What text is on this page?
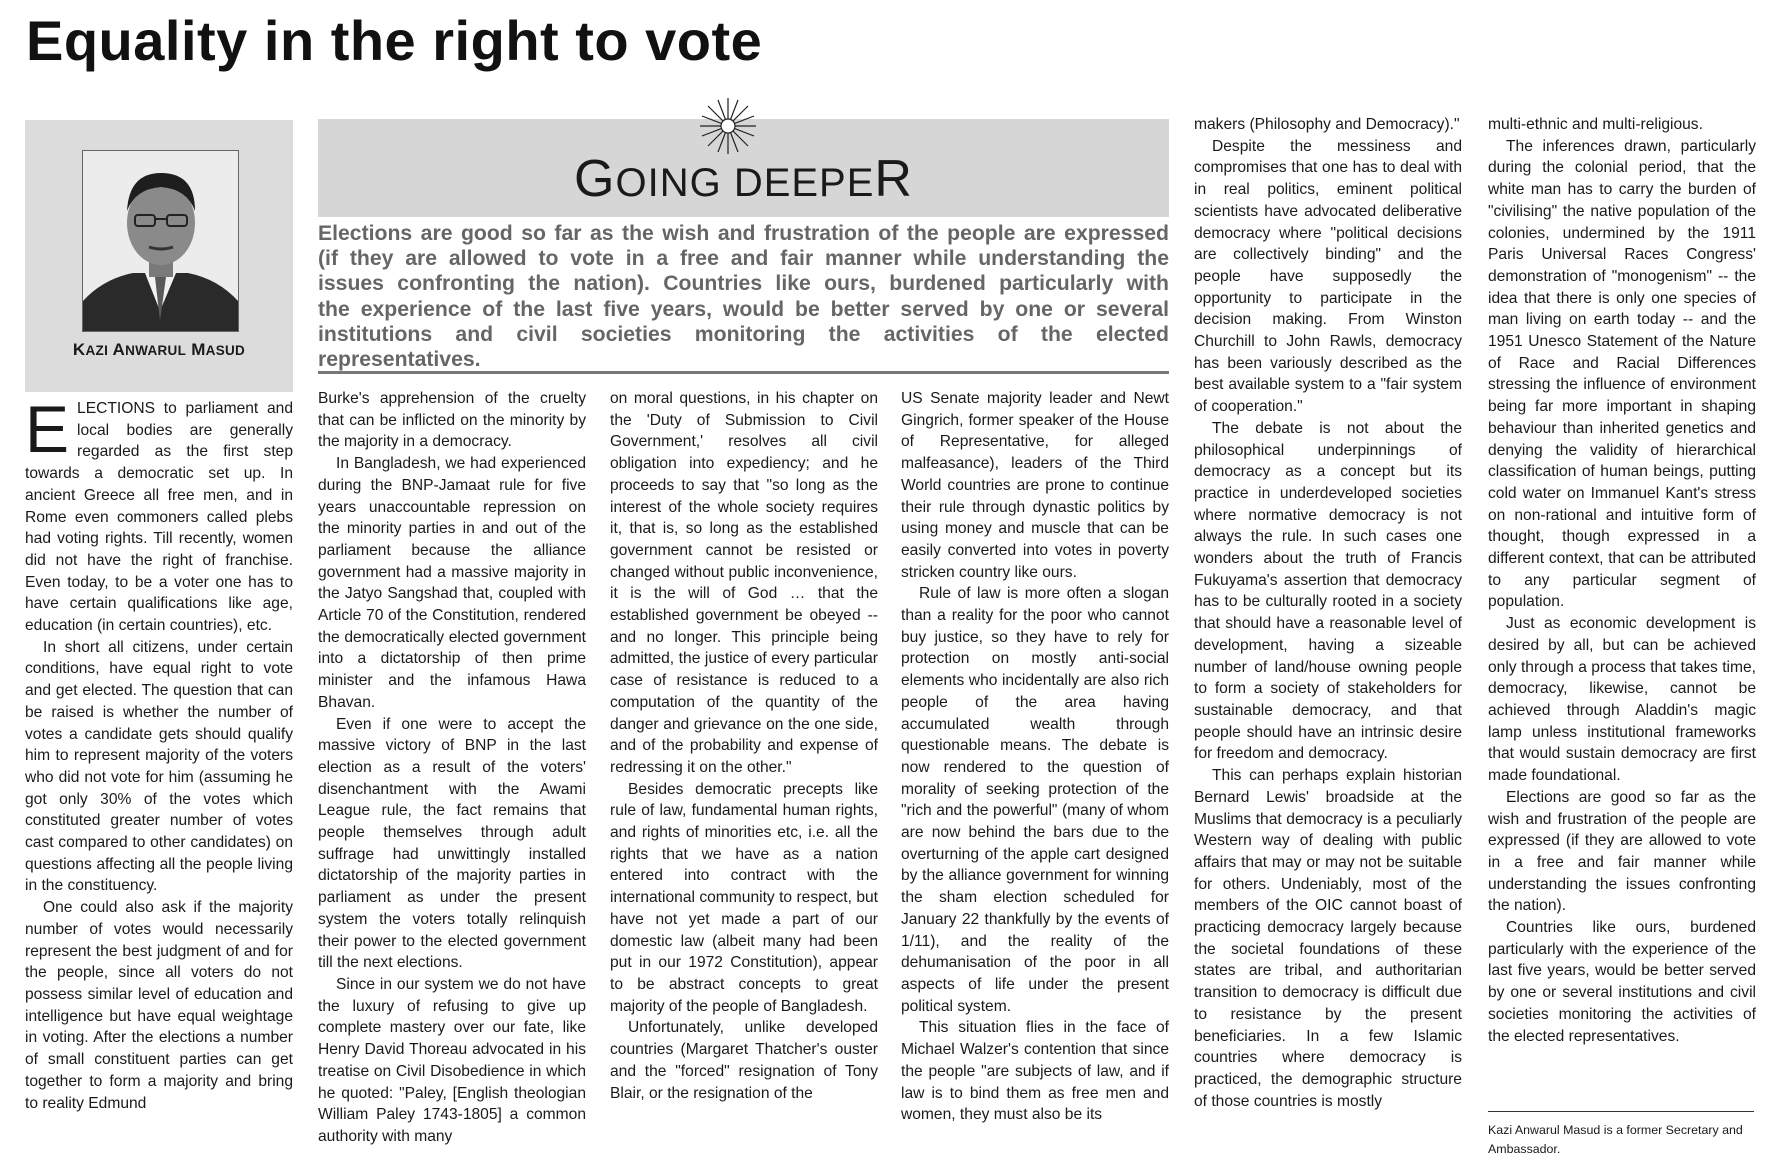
Equality in the right to vote
KAZI ANWARUL MASUD
GOING DEEPER
Elections are good so far as the wish and frustration of the people are expressed
(if they are allowed to vote in a free and fair manner while understanding the
issues confronting the nation). Countries like ours, burdened particularly with
the experience of the last five years, would be better served by one or several
institutions and civil societies monitoring the activities of the elected
representatives.
E LECTIONS to parliament and local bodies are generally regarded as the first step towards a democratic set up. In ancient Greece all free men, and in Rome even commoners called plebs had voting rights. Till recently, women did not have the right of franchise. Even today, to be a voter one has to have certain qualifications like age, education (in certain countries), etc.

In short all citizens, under certain conditions, have equal right to vote and get elected. The question that can be raised is whether the number of votes a candidate gets should qualify him to represent majority of the voters who did not vote for him (assuming he got only 30% of the votes which constituted greater number of votes cast compared to other candidates) on questions affecting all the people living in the constituency.

One could also ask if the majority number of votes would necessarily represent the best judgment of and for the people, since all voters do not possess similar level of education and intelligence but have equal weightage in voting. After the elections a number of small constituent parties can get together to form a majority and bring to reality Edmund

Burke's apprehension of the cruelty that can be inflicted on the minority by the majority in a democracy.

In Bangladesh, we had experienced during the BNP-Jamaat rule for five years unaccountable repression on the minority parties in and out of the parliament because the alliance government had a massive majority in the Jatyo Sangshad that, coupled with Article 70 of the Constitution, rendered the democratically elected government into a dictatorship of then prime minister and the infamous Hawa Bhavan.

Even if one were to accept the massive victory of BNP in the last election as a result of the voters' disenchantment with the Awami League rule, the fact remains that people themselves through adult suffrage had unwittingly installed dictatorship of the majority parties in parliament as under the present system the voters totally relinquish their power to the elected government till the next elections.

Since in our system we do not have the luxury of refusing to give up complete mastery over our fate, like Henry David Thoreau advocated in his treatise on Civil Disobedience in which he quoted: "Paley, [English theologian William Paley 1743-1805] a common authority with many

on moral questions, in his chapter on the 'Duty of Submission to Civil Government,' resolves all civil obligation into expediency; and he proceeds to say that "so long as the interest of the whole society requires it, that is, so long as the established government cannot be resisted or changed without public inconvenience, it is the will of God … that the established government be obeyed -- and no longer. This principle being admitted, the justice of every particular case of resistance is reduced to a computation of the quantity of the danger and grievance on the one side, and of the probability and expense of redressing it on the other."

Besides democratic precepts like rule of law, fundamental human rights, and rights of minorities etc, i.e. all the rights that we have as a nation entered into contract with the international community to respect, but have not yet made a part of our domestic law (albeit many had been put in our 1972 Constitution), appear to be abstract concepts to great majority of the people of Bangladesh.

Unfortunately, unlike developed countries (Margaret Thatcher's ouster and the "forced" resignation of Tony Blair, or the resignation of the

US Senate majority leader and Newt Gingrich, former speaker of the House of Representative, for alleged malfeasance), leaders of the Third World countries are prone to continue their rule through dynastic politics by using money and muscle that can be easily converted into votes in poverty stricken country like ours.

Rule of law is more often a slogan than a reality for the poor who cannot buy justice, so they have to rely for protection on mostly anti-social elements who incidentally are also rich people of the area having accumulated wealth through questionable means. The debate is now rendered to the question of morality of seeking protection of the "rich and the powerful" (many of whom are now behind the bars due to the overturning of the apple cart designed by the alliance government for winning the sham election scheduled for January 22 thankfully by the events of 1/11), and the reality of the dehumanisation of the poor in all aspects of life under the present political system.

This situation flies in the face of Michael Walzer's contention that since the people "are subjects of law, and if law is to bind them as free men and women, they must also be its

makers (Philosophy and Democracy)."

Despite the messiness and compromises that one has to deal with in real politics, eminent political scientists have advocated deliberative democracy where "political decisions are collectively binding" and the people have supposedly the opportunity to participate in the decision making. From Winston Churchill to John Rawls, democracy has been variously described as the best available system to a "fair system of cooperation."

The debate is not about the philosophical underpinnings of democracy as a concept but its practice in underdeveloped societies where normative democracy is not always the rule. In such cases one wonders about the truth of Francis Fukuyama's assertion that democracy has to be culturally rooted in a society that should have a reasonable level of development, having a sizeable number of land/house owning people to form a society of stakeholders for sustainable democracy, and that people should have an intrinsic desire for freedom and democracy.

This can perhaps explain historian Bernard Lewis' broadside at the Muslims that democracy is a peculiarly Western way of dealing with public affairs that may or may not be suitable for others. Undeniably, most of the members of the OIC cannot boast of practicing democracy largely because the societal foundations of these states are tribal, and authoritarian transition to democracy is difficult due to resistance by the present beneficiaries. In a few Islamic countries where democracy is practiced, the demographic structure of those countries is mostly

multi-ethnic and multi-religious.

The inferences drawn, particularly during the colonial period, that the white man has to carry the burden of "civilising" the native population of the colonies, undermined by the 1911 Paris Universal Races Congress' demonstration of "monogenism" -- the idea that there is only one species of man living on earth today -- and the 1951 Unesco Statement of the Nature of Race and Racial Differences stressing the influence of environment being far more important in shaping behaviour than inherited genetics and denying the validity of hierarchical classification of human beings, putting cold water on Immanuel Kant's stress on non-rational and intuitive form of thought, though expressed in a different context, that can be attributed to any particular segment of population.

Just as economic development is desired by all, but can be achieved only through a process that takes time, democracy, likewise, cannot be achieved through Aladdin's magic lamp unless institutional frameworks that would sustain democracy are first made foundational.

Elections are good so far as the wish and frustration of the people are expressed (if they are allowed to vote in a free and fair manner while understanding the issues confronting the nation).

Countries like ours, burdened particularly with the experience of the last five years, would be better served by one or several institutions and civil societies monitoring the activities of the elected representatives.

Kazi Anwarul Masud is a former Secretary and Ambassador.
